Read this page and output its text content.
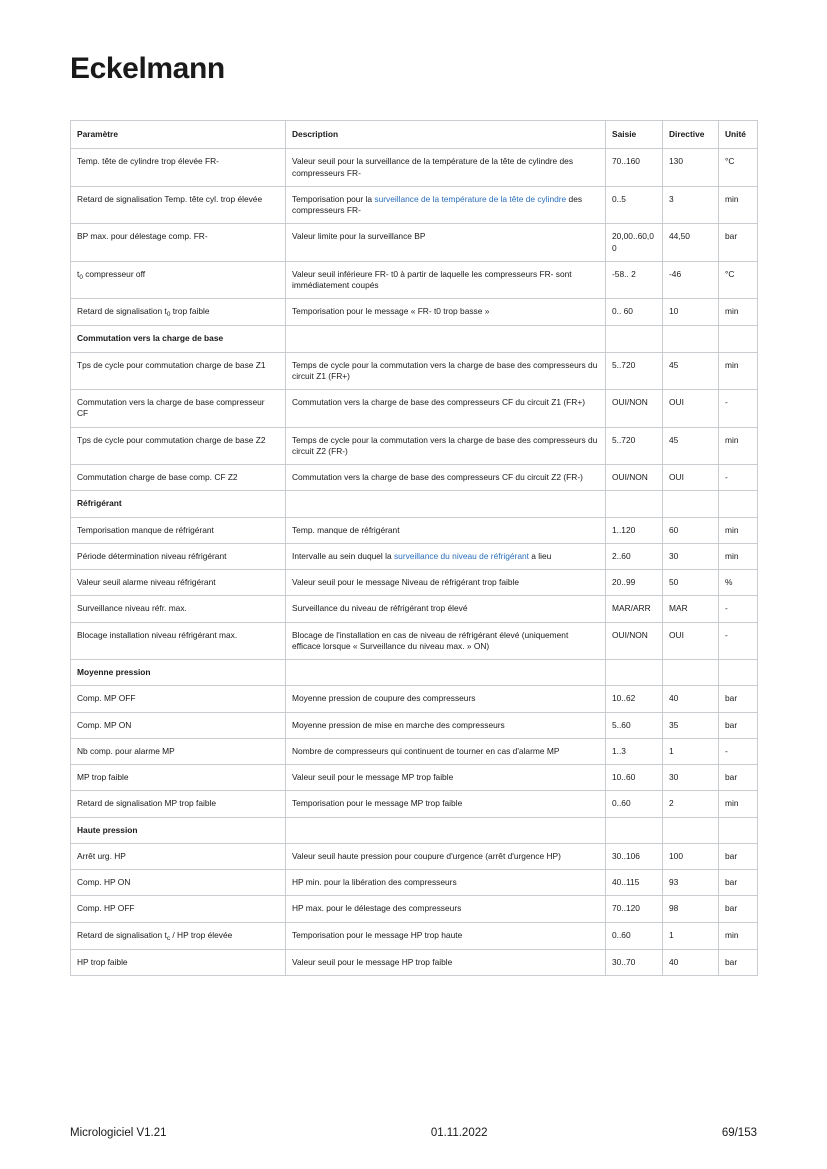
Eckelmann
Paramètre	Description	Saisie	Directive	Unité
Temp. tête de cylindre trop élevée FR-	Valeur seuil pour la surveillance de la température de la tête de cylindre des compresseurs FR-	70..160	130	°C
Retard de signalisation Temp. tête cyl. trop élevée	Temporisation pour la surveillance de la température de la tête de cylindre des compresseurs FR-	0..5	3	min
BP max. pour délestage comp. FR-	Valeur limite pour la surveillance BP	20,00..60,00	44,50	bar
$t_0$ compresseur off	Valeur seuil inférieure FR- t0 à partir de laquelle les compresseurs FR- sont immédiatement coupés	-58.. 2	-46	°C
Retard de signalisation $t_0$ trop faible	Temporisation pour le message « FR- t0 trop basse »	0.. 60	10	min
Commutation vers la charge de base				
Tps de cycle pour commutation charge de base Z1	Temps de cycle pour la commutation vers la charge de base des compresseurs du circuit Z1 (FR+)	5..720	45	min
Commutation vers la charge de base compresseur CF	Commutation vers la charge de base des compresseurs CF du circuit Z1 (FR+)	OUI/NON	OUI	-
Tps de cycle pour commutation charge de base Z2	Temps de cycle pour la commutation vers la charge de base des compresseurs du circuit Z2 (FR-)	5..720	45	min
Commutation charge de base comp. CF Z2	Commutation vers la charge de base des compresseurs CF du circuit Z2 (FR-)	OUI/NON	OUI	-
Réfrigérant				
Temporisation manque de réfrigérant	Temp. manque de réfrigérant	1..120	60	min
Période détermination niveau réfrigérant	Intervalle au sein duquel la surveillance du niveau de réfrigérant a lieu	2..60	30	min
Valeur seuil alarme niveau réfrigérant	Valeur seuil pour le message Niveau de réfrigérant trop faible	20..99	50	%
Surveillance niveau réfr. max.	Surveillance du niveau de réfrigérant trop élevé	MAR/ARR	MAR	-
Blocage installation niveau réfrigérant max.	Blocage de l'installation en cas de niveau de réfrigérant élevé (uniquement efficace lorsque « Surveillance du niveau max. » ON)	OUI/NON	OUI	-
Moyenne pression				
Comp. MP OFF	Moyenne pression de coupure des compresseurs	10..62	40	bar
Comp. MP ON	Moyenne pression de mise en marche des compresseurs	5..60	35	bar
Nb comp. pour alarme MP	Nombre de compresseurs qui continuent de tourner en cas d'alarme MP	1..3	1	-
MP trop faible	Valeur seuil pour le message MP trop faible	10..60	30	bar
Retard de signalisation MP trop faible	Temporisation pour le message MP trop faible	0..60	2	min
Haute pression				
Arrêt urg. HP	Valeur seuil haute pression pour coupure d'urgence (arrêt d'urgence HP)	30..106	100	bar
Comp. HP ON	HP min. pour la libération des compresseurs	40..115	93	bar
Comp. HP OFF	HP max. pour le délestage des compresseurs	70..120	98	bar
Retard de signalisation $t_c$ / HP trop élevée	Temporisation pour le message HP trop haute	0..60	1	min
HP trop faible	Valeur seuil pour le message HP trop faible	30..70	40	bar
Micrologiciel V1.21	01.11.2022	69/153
